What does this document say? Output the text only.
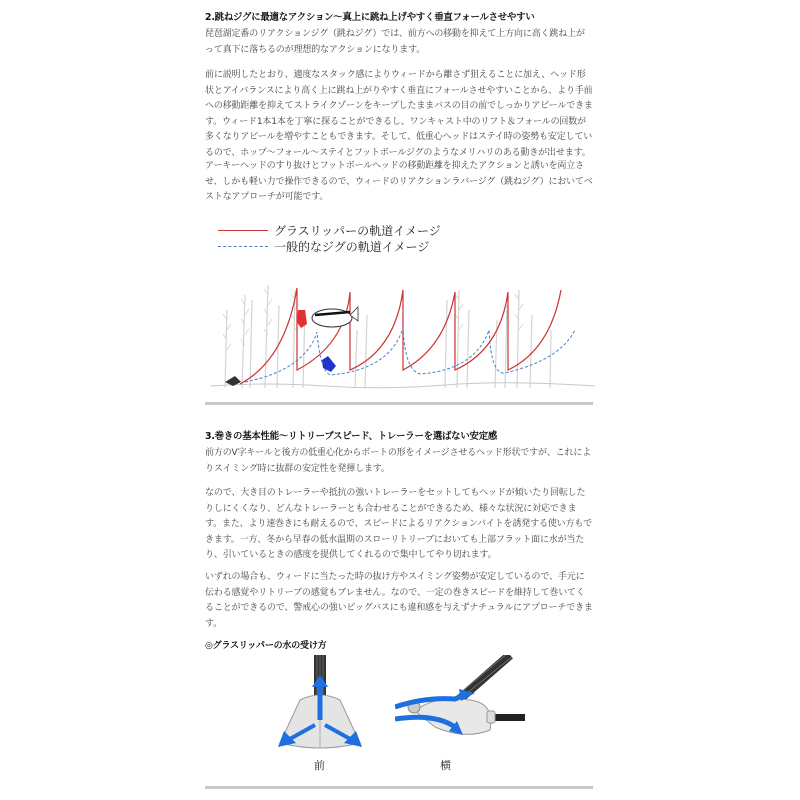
2.跳ねジグに最適なアクション〜真上に跳ね上げやすく垂直フォールさせやすい
琵琶湖定番のリアクションジグ（跳ねジグ）では、前方への移動を抑えて上方向に高く跳ね上がって真下に落ちるのが理想的なアクションになります。
前に説明したとおり、適度なスタック感によりウィードから離さず狙えることに加え、ヘッド形状とアイバランスにより高く上に跳ね上がりやすく垂直にフォールさせやすいことから、より手前への移動距離を抑えてストライクゾーンをキープしたままバスの目の前でしっかりアピールできます。ウィード1本1本を丁寧に探ることができるし、ワンキャスト中のリフト＆フォールの回数が多くなりアピールを増やすこともできます。そして、低重心ヘッドはステイ時の姿勢も安定しているので、ホップ〜フォール〜ステイとフットボールジグのようなメリハリのある動きが出せます。
アーキーヘッドのすり抜けとフットボールヘッドの移動距離を抑えたアクションと誘いを両立させ、しかも軽い力で操作できるので、ウィードのリアクションラバージグ（跳ねジグ）においてベストなアプローチが可能です。
グラスリッパーの軌道イメージ
一般的なジグの軌道イメージ
3.巻きの基本性能〜リトリーブスピード、トレーラーを選ばない安定感
前方のV字キールと後方の低重心化からボートの形をイメージさせるヘッド形状ですが、これによりスイミング時に抜群の安定性を発揮します。
なので、大き目のトレーラーや抵抗の強いトレーラーをセットしてもヘッドが傾いたり回転したりしにくくなり、どんなトレーラーとも合わせることができるため、様々な状況に対応できます。また、より速巻きにも耐えるので、スピードによるリアクションバイトを誘発する使い方もできます。一方、冬から早春の低水温期のスローリトリーブにおいても上部フラット面に水が当たり、引いているときの感度を提供してくれるので集中してやり切れます。
いずれの場合も、ウィードに当たった時の抜け方やスイミング姿勢が安定しているので、手元に伝わる感覚やリトリーブの感覚もブレません。なので、一定の巻きスピードを維持して巻いてくることができるので、警戒心の強いビッグバスにも違和感を与えずナチュラルにアプローチできます。
◎グラスリッパーの水の受け方
前	横
